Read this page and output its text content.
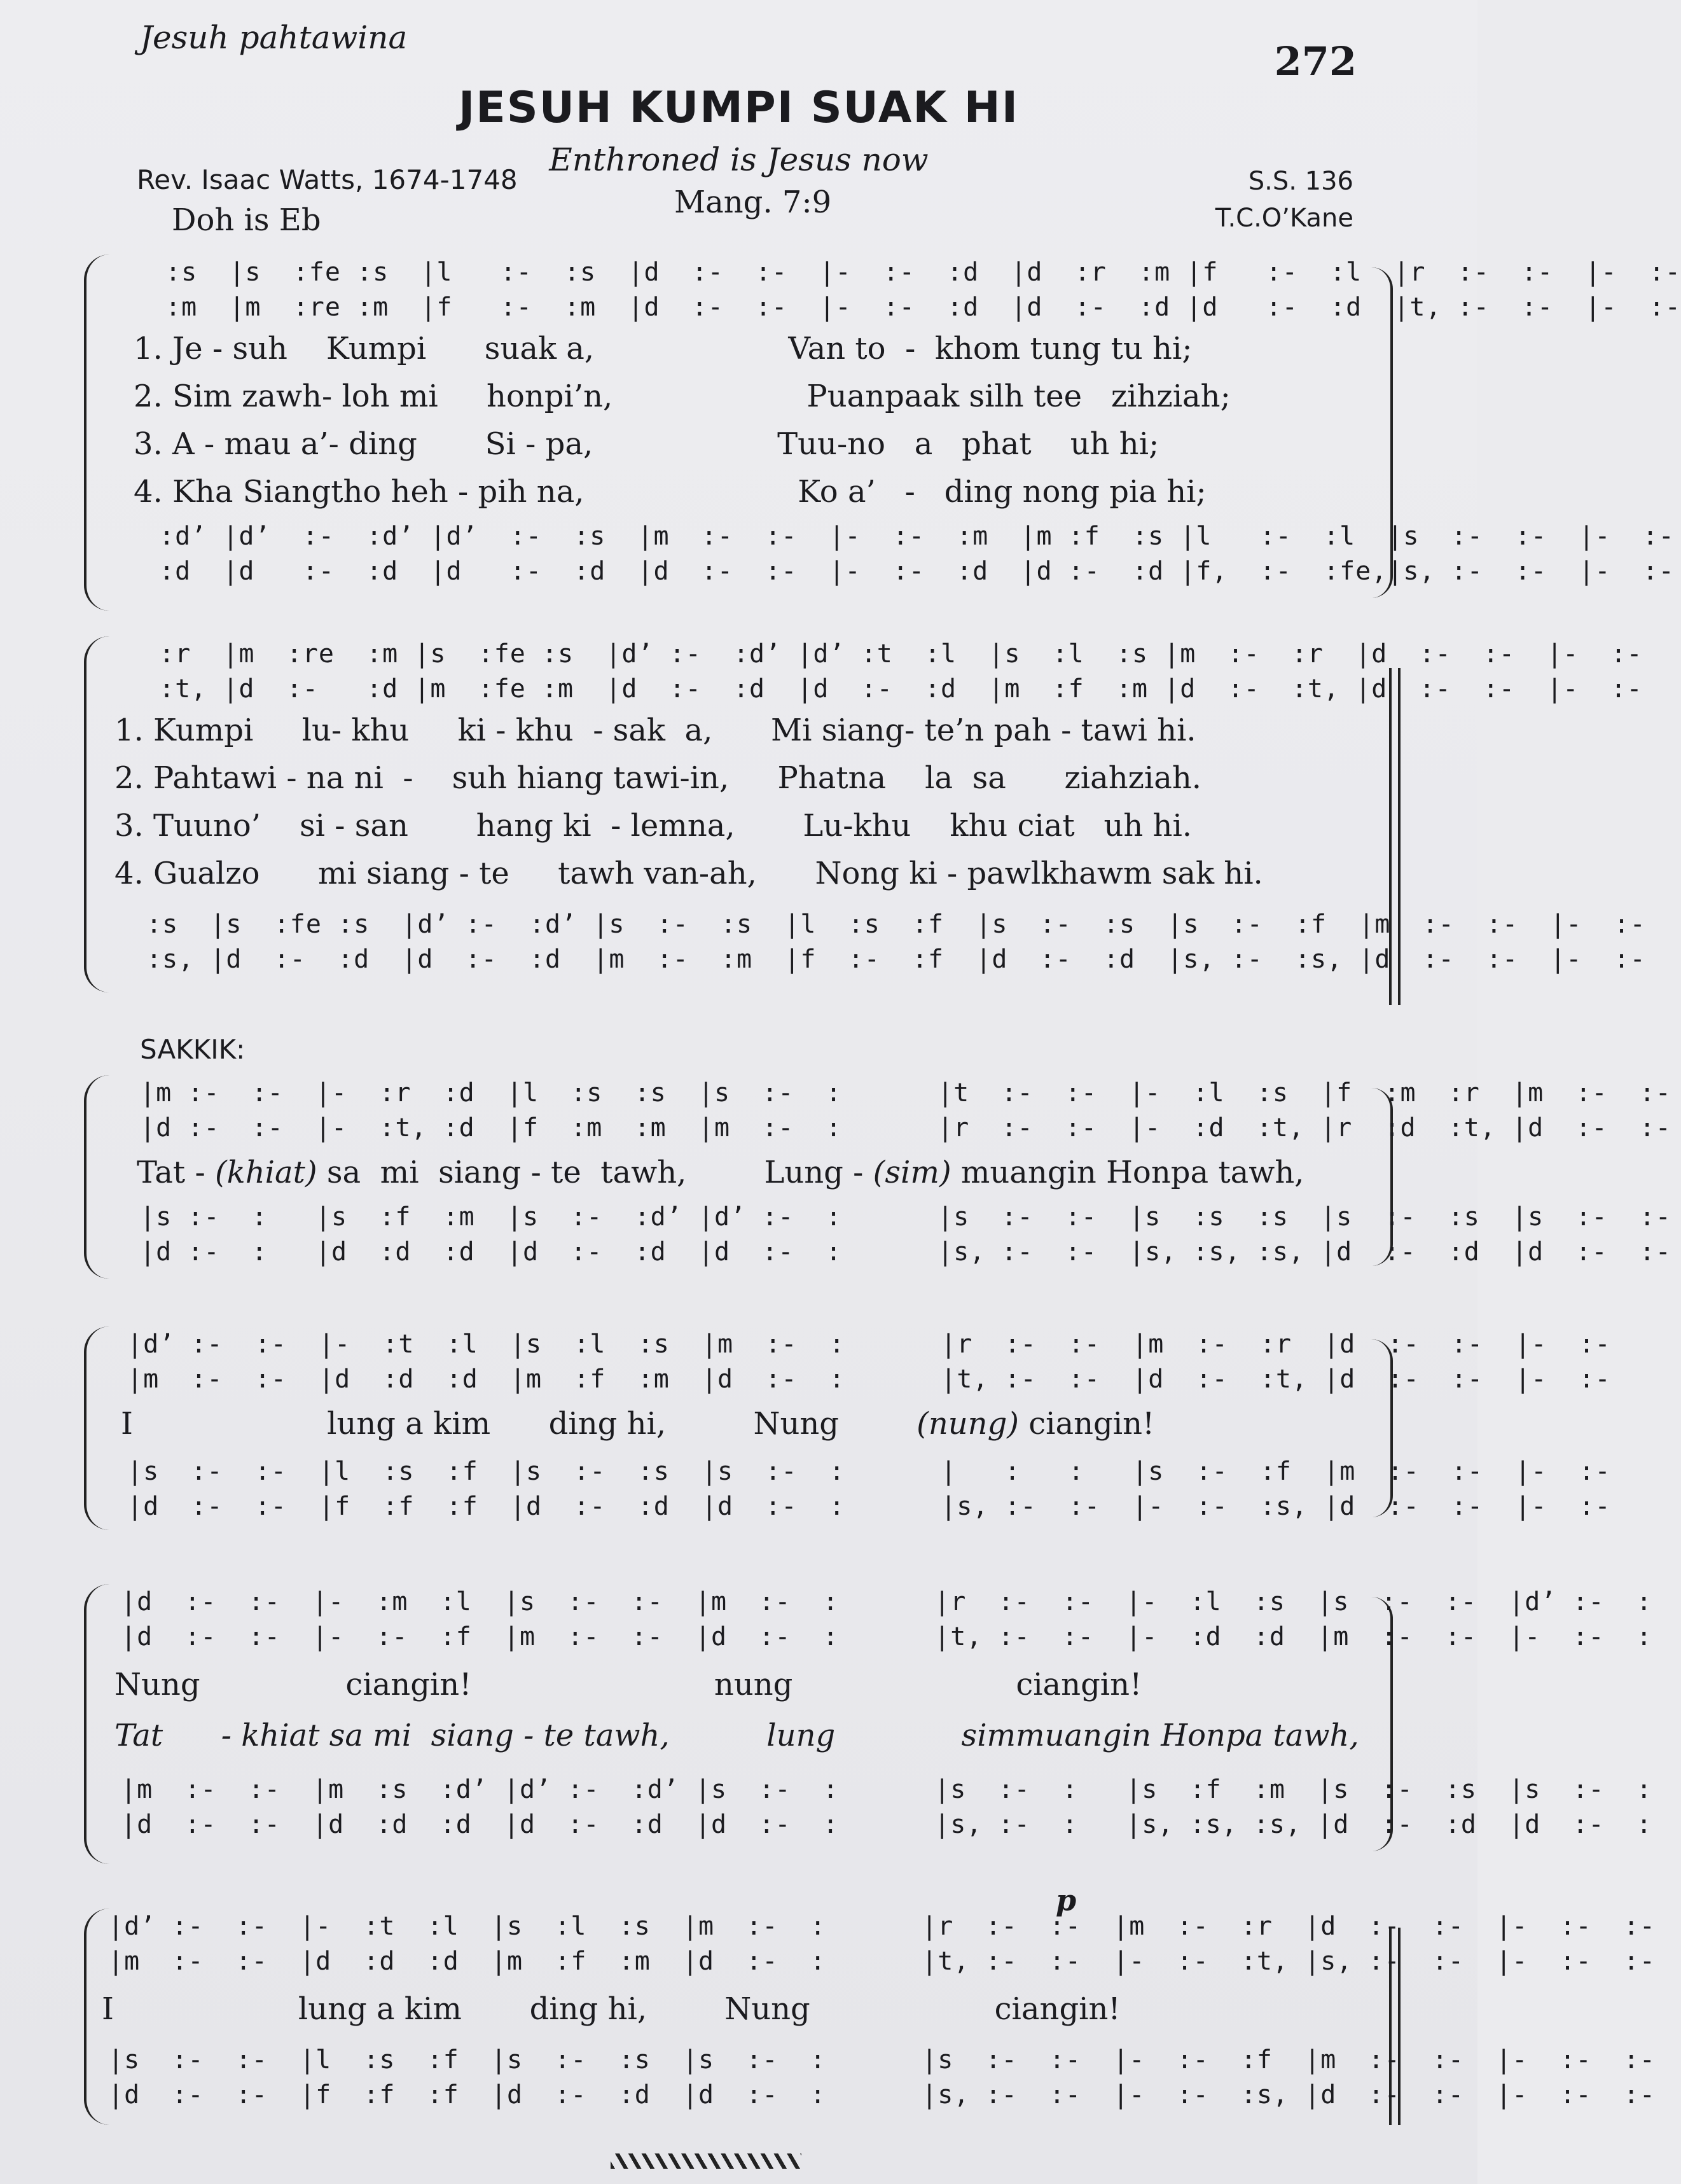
Jesuh pahtawina
272
JESUH KUMPI SUAK HI
Enthroned is Jesus now
Rev. Isaac Watts, 1674-1748
Mang. 7:9
Doh is Eb
S.S. 136
T.C.O’Kane
:s  |s  :fe :s  |l   :-  :s  |d  :-  :-  |-  :-  :d  |d  :r  :m |f   :-  :l  |r  :-  :-  |-  :-
:m  |m  :re :m  |f   :-  :m  |d  :-  :-  |-  :-  :d  |d  :-  :d |d   :-  :d  |t, :-  :-  |-  :-
1. Je - suh    Kumpi      suak a,                    Van to  -  khom tung tu hi;
2. Sim zawh- loh mi     honpi’n,                    Puanpaak silh tee   zihziah;
3. A - mau a’- ding       Si - pa,                   Tuu-no   a   phat    uh hi;
4. Kha Siangtho heh - pih na,                      Ko a’   -   ding nong pia hi;
:d’ |d’  :-  :d’ |d’  :-  :s  |m  :-  :-  |-  :-  :m  |m :f  :s |l   :-  :l  |s  :-  :-  |-  :-
:d  |d   :-  :d  |d   :-  :d  |d  :-  :-  |-  :-  :d  |d :-  :d |f,  :-  :fe,|s, :-  :-  |-  :-
:r  |m  :re  :m |s  :fe :s  |d’ :-  :d’ |d’ :t  :l  |s  :l  :s |m  :-  :r  |d  :-  :-  |-  :-
:t, |d  :-   :d |m  :fe :m  |d  :-  :d  |d  :-  :d  |m  :f  :m |d  :-  :t, |d  :-  :-  |-  :-
1. Kumpi     lu- khu     ki - khu  - sak  a,      Mi siang- te’n pah - tawi hi.
2. Pahtawi - na ni  -    suh hiang tawi-in,     Phatna    la  sa      ziahziah.
3. Tuuno’    si - san       hang ki  - lemna,       Lu-khu    khu ciat   uh hi.
4. Gualzo      mi siang - te     tawh van-ah,      Nong ki - pawlkhawm sak hi.
:s  |s  :fe :s  |d’ :-  :d’ |s  :-  :s  |l  :s  :f  |s  :-  :s  |s  :-  :f  |m  :-  :-  |-  :-
:s, |d  :-  :d  |d  :-  :d  |m  :-  :m  |f  :-  :f  |d  :-  :d  |s, :-  :s, |d  :-  :-  |-  :-
SAKKIK:
|m :-  :-  |-  :r  :d  |l  :s  :s  |s  :-  :      |t  :-  :-  |-  :l  :s  |f  :m  :r  |m  :-  :-
|d :-  :-  |-  :t, :d  |f  :m  :m  |m  :-  :      |r  :-  :-  |-  :d  :t, |r  :d  :t, |d  :-  :-
Tat - (khiat) sa  mi  siang - te  tawh,        Lung - (sim) muangin Honpa tawh,
|s :-  :   |s  :f  :m  |s  :-  :d’ |d’ :-  :      |s  :-  :-  |s  :s  :s  |s  :-  :s  |s  :-  :-
|d :-  :   |d  :d  :d  |d  :-  :d  |d  :-  :      |s, :-  :-  |s, :s, :s, |d  :-  :d  |d  :-  :-
|d’ :-  :-  |-  :t  :l  |s  :l  :s  |m  :-  :      |r  :-  :-  |m  :-  :r  |d  :-  :-  |-  :-
|m  :-  :-  |d  :d  :d  |m  :f  :m  |d  :-  :      |t, :-  :-  |d  :-  :t, |d  :-  :-  |-  :-
I                    lung a kim      ding hi,         Nung        (nung) ciangin!
|s  :-  :-  |l  :s  :f  |s  :-  :s  |s  :-  :      |   :   :   |s  :-  :f  |m  :-  :-  |-  :-
|d  :-  :-  |f  :f  :f  |d  :-  :d  |d  :-  :      |s, :-  :-  |-  :-  :s, |d  :-  :-  |-  :-
|d  :-  :-  |-  :m  :l  |s  :-  :-  |m  :-  :      |r  :-  :-  |-  :l  :s  |s  :-  :-  |d’ :-  :
|d  :-  :-  |-  :-  :f  |m  :-  :-  |d  :-  :      |t, :-  :-  |-  :d  :d  |m  :-  :-  |-  :-  :
Nung               ciangin!                         nung                       ciangin!
Tat      - khiat sa mi  siang - te tawh,          lung             simmuangin Honpa tawh,
|m  :-  :-  |m  :s  :d’ |d’ :-  :d’ |s  :-  :      |s  :-  :   |s  :f  :m  |s  :-  :s  |s  :-  :
|d  :-  :-  |d  :d  :d  |d  :-  :d  |d  :-  :      |s, :-  :   |s, :s, :s, |d  :-  :d  |d  :-  :
p
|d’ :-  :-  |-  :t  :l  |s  :l  :s  |m  :-  :      |r  :-  :-  |m  :-  :r  |d  :-  :-  |-  :-  :-
|m  :-  :-  |d  :d  :d  |m  :f  :m  |d  :-  :      |t, :-  :-  |-  :-  :t, |s, :-  :-  |-  :-  :-
I                   lung a kim       ding hi,        Nung                   ciangin!
|s  :-  :-  |l  :s  :f  |s  :-  :s  |s  :-  :      |s  :-  :-  |-  :-  :f  |m  :-  :-  |-  :-  :-
|d  :-  :-  |f  :f  :f  |d  :-  :d  |d  :-  :      |s, :-  :-  |-  :-  :s, |d  :-  :-  |-  :-  :-
